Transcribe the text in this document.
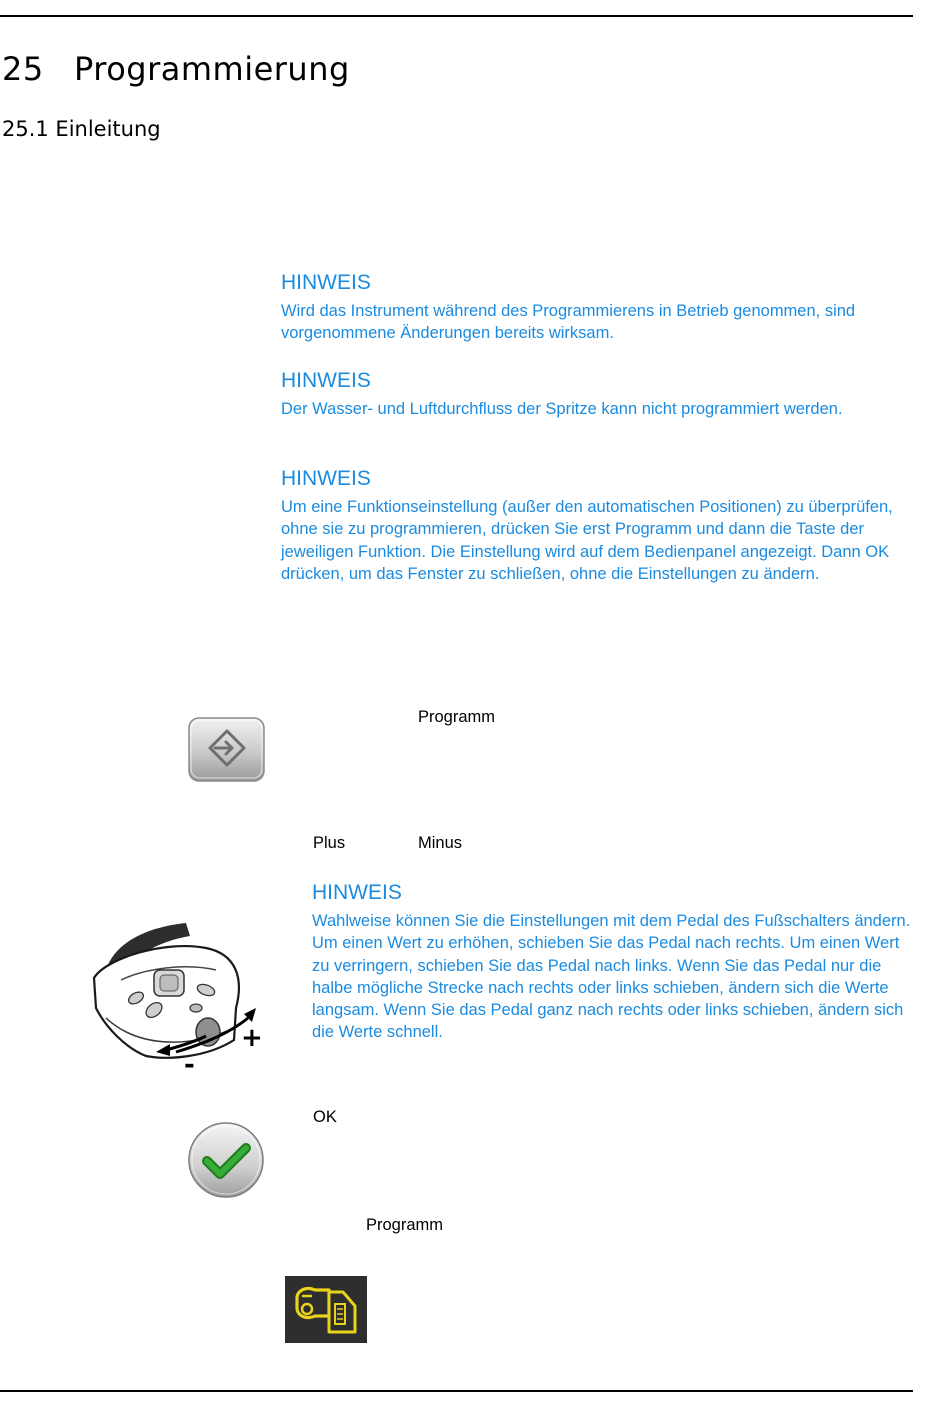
25 Programmierung
25.1 Einleitung

HINWEIS

Wird das Instrument während des Programmierens in Betrieb genommen, sind vorgenommene Änderungen bereits wirksam.

HINWEIS

Der Wasser- und Luftdurchfluss der Spritze kann nicht programmiert werden.

HINWEIS

Um eine Funktionseinstellung (außer den automatischen Positionen) zu überprüfen, ohne sie zu programmieren, drücken Sie erst Programm und dann die Taste der jeweiligen Funktion. Die Einstellung wird auf dem Bedienpanel angezeigt. Dann OK drücken, um das Fenster zu schließen, ohne die Einstellungen zu ändern.

Programm
Plus	Minus

HINWEIS

Wahlweise können Sie die Einstellungen mit dem Pedal des Fußschalters ändern. Um einen Wert zu erhöhen, schieben Sie das Pedal nach rechts. Um einen Wert zu verringern, schieben Sie das Pedal nach links. Wenn Sie das Pedal nur die halbe mögliche Strecke nach rechts oder links schieben, ändern sich die Werte langsam. Wenn Sie das Pedal ganz nach rechts oder links schieben, ändern sich die Werte schnell.

+
-
OK
Programm
